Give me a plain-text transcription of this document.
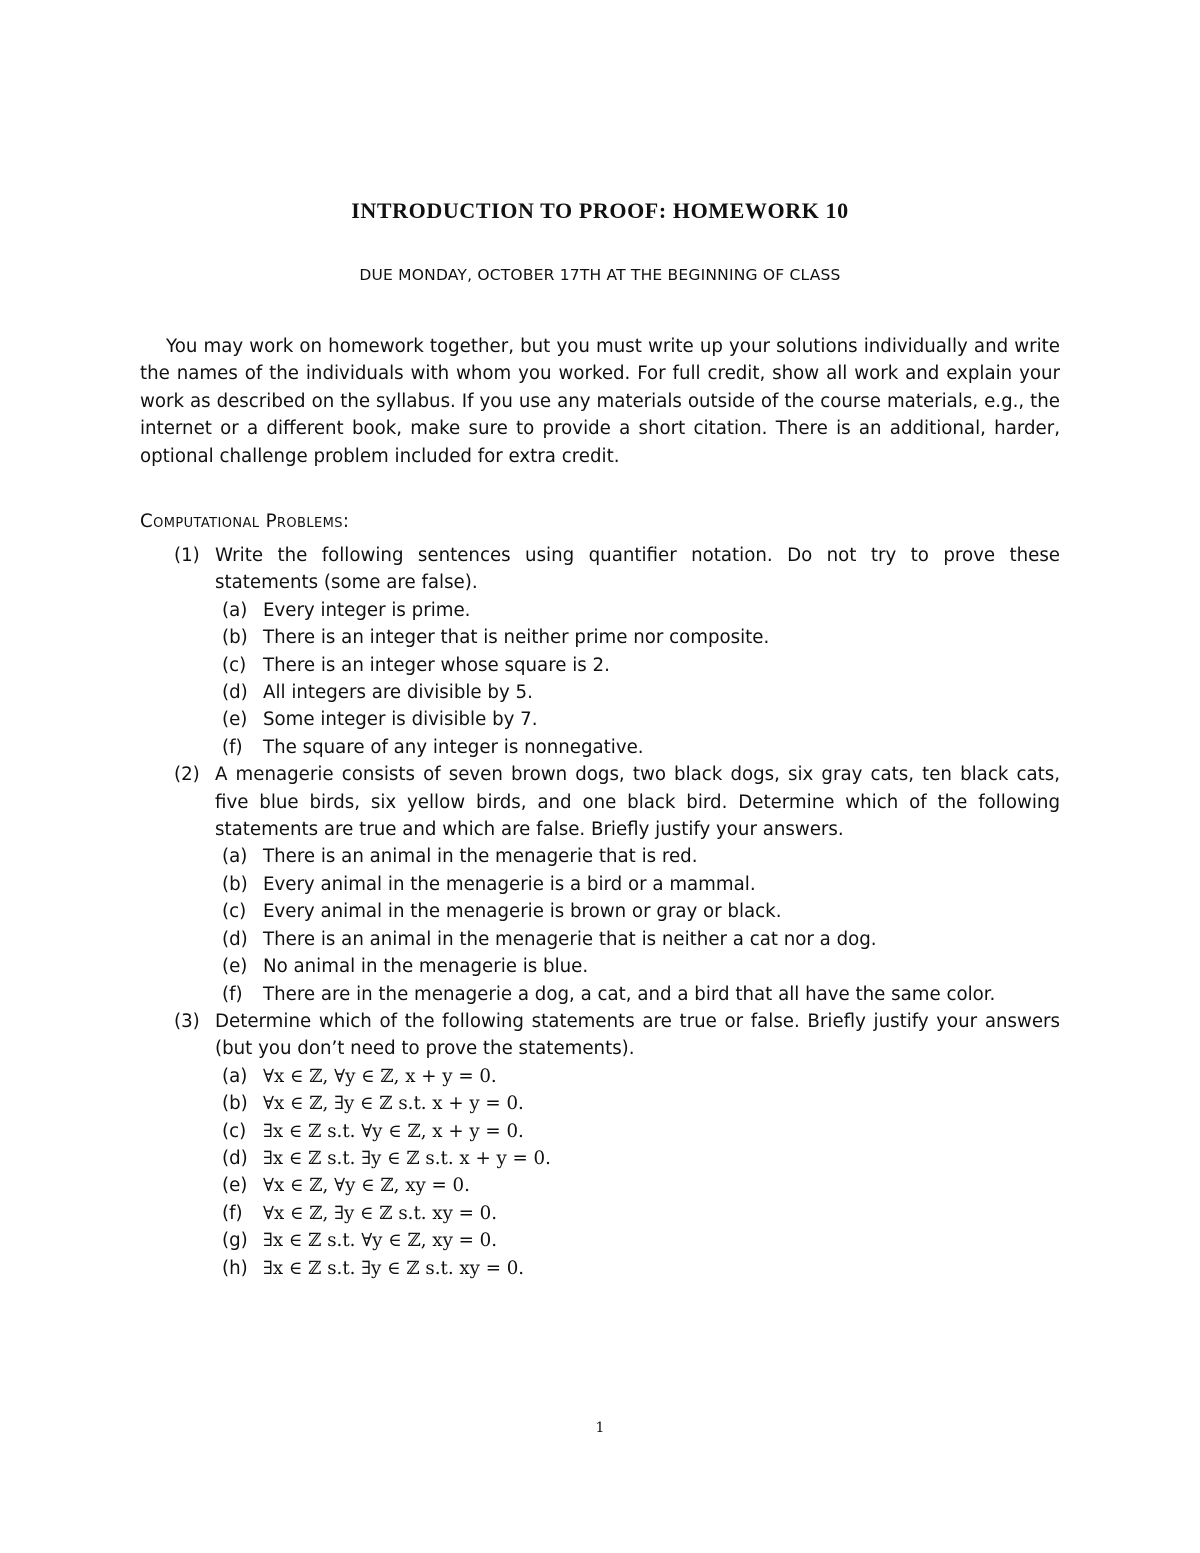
INTRODUCTION TO PROOF: HOMEWORK 10
DUE MONDAY, OCTOBER 17TH AT THE BEGINNING OF CLASS

You may work on homework together, but you must write up your solutions individually and write the names of the individuals with whom you worked. For full credit, show all work and explain your work as described on the syllabus. If you use any materials outside of the course materials, e.g., the internet or a different book, make sure to provide a short citation. There is an additional, harder, optional challenge problem included for extra credit.

Computational Problems:
(1) Write the following sentences using quantifier notation. Do not try to prove these statements (some are false).
(a) Every integer is prime.
(b) There is an integer that is neither prime nor composite.
(c) There is an integer whose square is 2.
(d) All integers are divisible by 5.
(e) Some integer is divisible by 7.
(f) The square of any integer is nonnegative.
(2) A menagerie consists of seven brown dogs, two black dogs, six gray cats, ten black cats, five blue birds, six yellow birds, and one black bird. Determine which of the following statements are true and which are false. Briefly justify your answers.
(a) There is an animal in the menagerie that is red.
(b) Every animal in the menagerie is a bird or a mammal.
(c) Every animal in the menagerie is brown or gray or black.
(d) There is an animal in the menagerie that is neither a cat nor a dog.
(e) No animal in the menagerie is blue.
(f) There are in the menagerie a dog, a cat, and a bird that all have the same color.
(3) Determine which of the following statements are true or false. Briefly justify your answers (but you don’t need to prove the statements).
(a) ∀x ∈ ℤ, ∀y ∈ ℤ, x + y = 0.
(b) ∀x ∈ ℤ, ∃y ∈ ℤ s.t. x + y = 0.
(c) ∃x ∈ ℤ s.t. ∀y ∈ ℤ, x + y = 0.
(d) ∃x ∈ ℤ s.t. ∃y ∈ ℤ s.t. x + y = 0.
(e) ∀x ∈ ℤ, ∀y ∈ ℤ, xy = 0.
(f) ∀x ∈ ℤ, ∃y ∈ ℤ s.t. xy = 0.
(g) ∃x ∈ ℤ s.t. ∀y ∈ ℤ, xy = 0.
(h) ∃x ∈ ℤ s.t. ∃y ∈ ℤ s.t. xy = 0.
1
